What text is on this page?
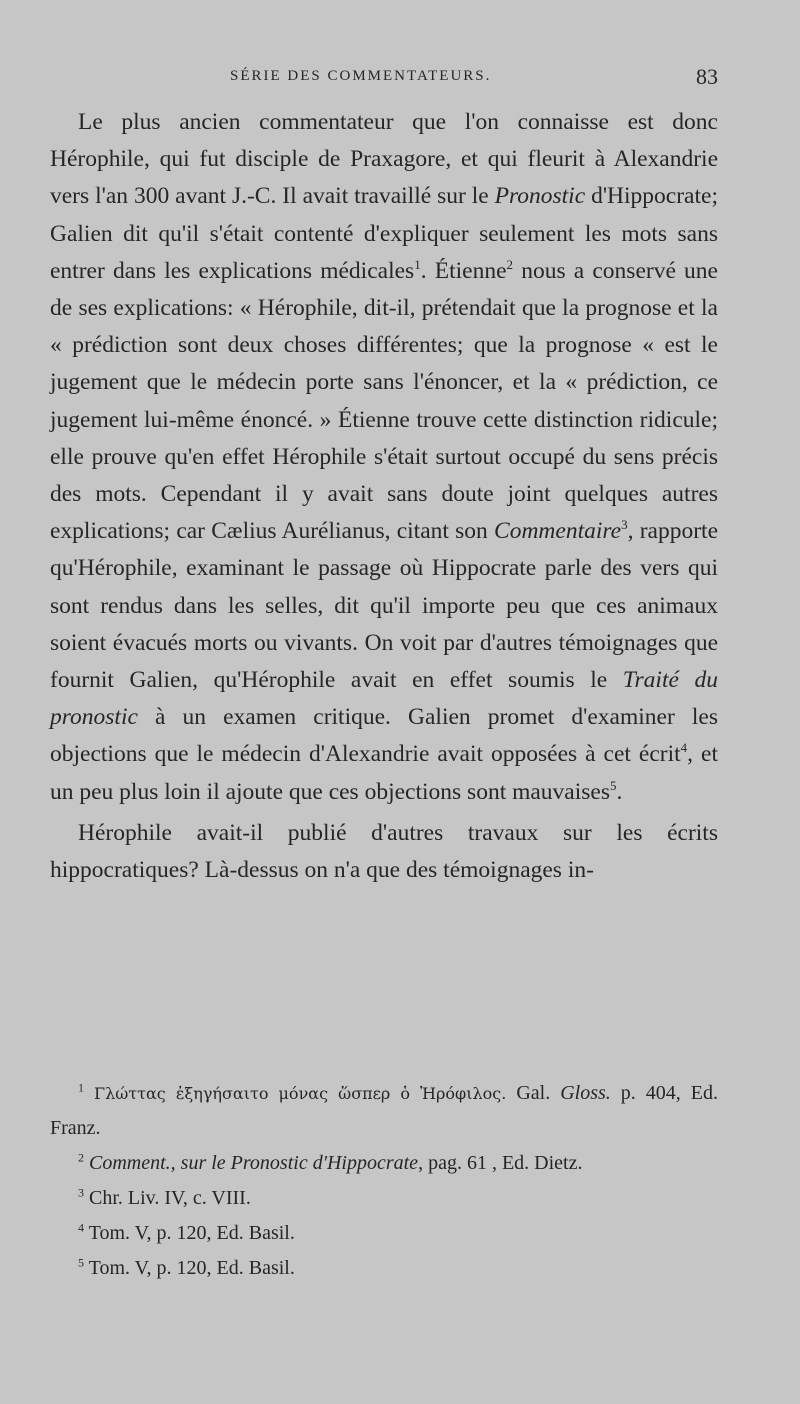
SÉRIE DES COMMENTATEURS.	83

Le plus ancien commentateur que l'on connaisse est donc Hérophile, qui fut disciple de Praxagore, et qui fleurit à Alexandrie vers l'an 300 avant J.-C. Il avait travaillé sur le Pronostic d'Hippocrate; Galien dit qu'il s'était contenté d'expliquer seulement les mots sans entrer dans les explications médicales$^1$. Étienne$^2$ nous a conservé une de ses explications: « Hérophile, dit-il, prétendait que la prognose et la « prédiction sont deux choses différentes; que la prognose « est le jugement que le médecin porte sans l'énoncer, et la « prédiction, ce jugement lui-même énoncé. » Étienne trouve cette distinction ridicule; elle prouve qu'en effet Hérophile s'était surtout occupé du sens précis des mots. Cependant il y avait sans doute joint quelques autres explications; car Cælius Aurélianus, citant son Commentaire$^3$, rapporte qu'Hérophile, examinant le passage où Hippocrate parle des vers qui sont rendus dans les selles, dit qu'il importe peu que ces animaux soient évacués morts ou vivants. On voit par d'autres témoignages que fournit Galien, qu'Hérophile avait en effet soumis le Traité du pronostic à un examen critique. Galien promet d'examiner les objections que le médecin d'Alexandrie avait opposées à cet écrit$^4$, et un peu plus loin il ajoute que ces objections sont mauvaises$^5$.

Hérophile avait-il publié d'autres travaux sur les écrits hippocratiques? Là-dessus on n'a que des témoignages in-

$^1$ Γλώττας ἐξηγήσαιτο μόνας ὥσπερ ὁ Ἡρόφιλος. Gal. Gloss. p. 404, Ed. Franz.
$^2$ Comment., sur le Pronostic d'Hippocrate, pag. 61 , Ed. Dietz.
$^3$ Chr. Liv. IV, c. VIII.
$^4$ Tom. V, p. 120, Ed. Basil.
$^5$ Tom. V, p. 120, Ed. Basil.
